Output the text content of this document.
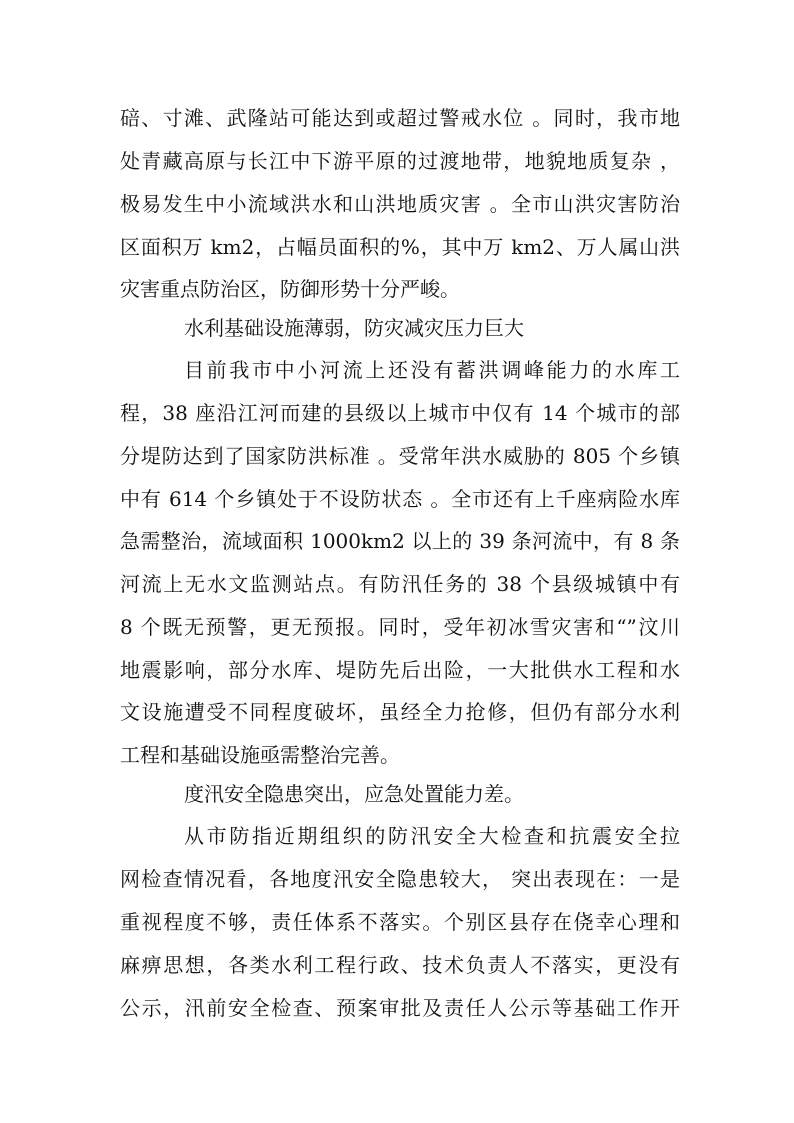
碚、寸滩、武隆站可能达到或超过警戒水位 。同时，我市地
处青藏高原与长江中下游平原的过渡地带，地貌地质复杂 ，
极易发生中小流域洪水和山洪地质灾害 。全市山洪灾害防治
区面积万 km2，占幅员面积的%，其中万 km2、万人属山洪
灾害重点防治区，防御形势十分严峻。
水利基础设施薄弱，防灾减灾压力巨大
目前我市中小河流上还没有蓄洪调峰能力的水库工
程，38 座沿江河而建的县级以上城市中仅有 14 个城市的部
分堤防达到了国家防洪标准 。受常年洪水威胁的 805 个乡镇
中有 614 个乡镇处于不设防状态 。全市还有上千座病险水库
急需整治，流域面积 1000km2 以上的 39 条河流中，有 8 条
河流上无水文监测站点。有防汛任务的 38 个县级城镇中有
8 个既无预警，更无预报。同时，受年初冰雪灾害和“”汶川
地震影响，部分水库、堤防先后出险，一大批供水工程和水
文设施遭受不同程度破坏，虽经全力抢修，但仍有部分水利
工程和基础设施亟需整治完善。
度汛安全隐患突出，应急处置能力差。
从市防指近期组织的防汛安全大检查和抗震安全拉
网检查情况看，各地度汛安全隐患较大， 突出表现在：一是
重视程度不够，责任体系不落实。个别区县存在侥幸心理和
麻痹思想，各类水利工程行政、技术负责人不落实，更没有
公示，汛前安全检查、预案审批及责任人公示等基础工作开
